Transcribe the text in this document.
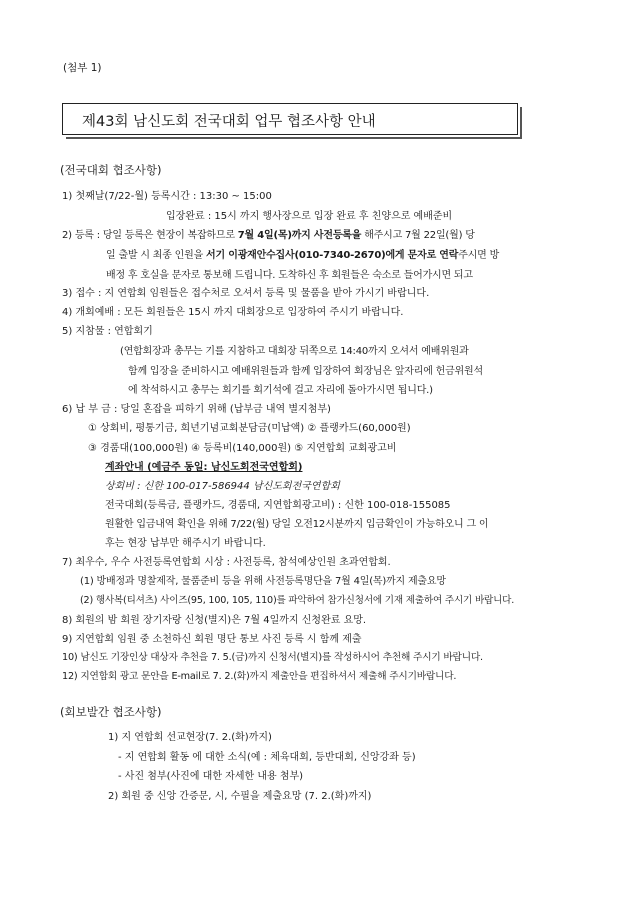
(첨부 1)
제43회 남신도회 전국대회 업무 협조사항 안내
(전국대회 협조사항)
1) 첫째날(7/22-월) 등록시간 : 13:30 ~ 15:00
입장완료 : 15시 까지 행사장으로 입장 완료 후 친양으로 예배준비
2) 등록 : 당일 등록은 현장이 복잡하므로 7월 4일(목)까지 사전등록을 해주시고 7월 22일(월) 당
일 출발 시 최종 인원을 서기 이광재안수집사(010-7340-2670)에게 문자로 연락주시면 방
배정 후 호실을 문자로 통보해 드립니다. 도착하신 후 회원들은 숙소로 들어가시면 되고
3) 접수 : 지 연합회 임원들은 접수처로 오셔서 등록 및 물품을 받아 가시기 바랍니다.
4) 개회예배 : 모든 회원들은 15시 까지 대회장으로 입장하여 주시기 바랍니다.
5) 지참물 : 연합회기
(연합회장과 총무는 기를 지참하고 대회장 뒤쪽으로 14:40까지 오셔서 예배위원과
함께 입장을 준비하시고 예배위원들과 함께 입장하여 회장님은 앞자리에 헌금위원석
에 착석하시고 총무는 회기를 회기석에 걸고 자리에 돌아가시면 됩니다.)
6) 납 부 금 : 당일 혼잡을 피하기 위해 (납부금 내역 별지첨부)
① 상회비, 평통기금, 희년기념교회분담금(미납액) ② 플랭카드(60,000원)
③ 경품대(100,000원) ④ 등록비(140,000원) ⑤ 지연합회 교회광고비
계좌안내 (예금주 동일: 남신도회전국연합회)
상회비 : 신한 100-017-586944 남신도회전국연합회
전국대회(등록금, 플랭카드, 경품대, 지연합회광고비) : 신한 100-018-155085
원활한 입금내역 확인을 위해 7/22(월) 당일 오전12시분까지 입금확인이 가능하오니 그 이
후는 현장 납부만 해주시기 바랍니다.
7) 최우수, 우수 사전등록연합회 시상 : 사전등록, 참석예상인원 초과연합회.
(1) 방배정과 명찰제작, 물품준비 등을 위해 사전등록명단을 7월 4일(목)까지 제출요망
(2) 행사복(티셔츠) 사이즈(95, 100, 105, 110)를 파악하여 참가신청서에 기재 제출하여 주시기 바랍니다.
8) 회원의 밤 회원 장기자랑 신청(별지)은 7월 4일까지 신청완료 요망.
9) 지연합회 임원 중 소천하신 회원 명단 통보 사진 등록 시 함께 제출
10) 남신도 기장인상 대상자 추천을 7. 5.(금)까지 신청서(별지)를 작성하시어 추천해 주시기 바랍니다.
12) 지연합회 광고 문안을 E-mail로 7. 2.(화)까지 제출안을 편집하셔서 제출해 주시기바랍니다.
(회보발간 협조사항)
1) 지 연합회 선교현장(7. 2.(화)까지)
- 지 연합회 활동 에 대한 소식(예 : 체육대회, 등반대회, 신앙강좌 등)
- 사진 첨부(사진에 대한 자세한 내용 첨부)
2) 회원 중 신앙 간증문, 시, 수필을 제출요망 (7. 2.(화)까지)
